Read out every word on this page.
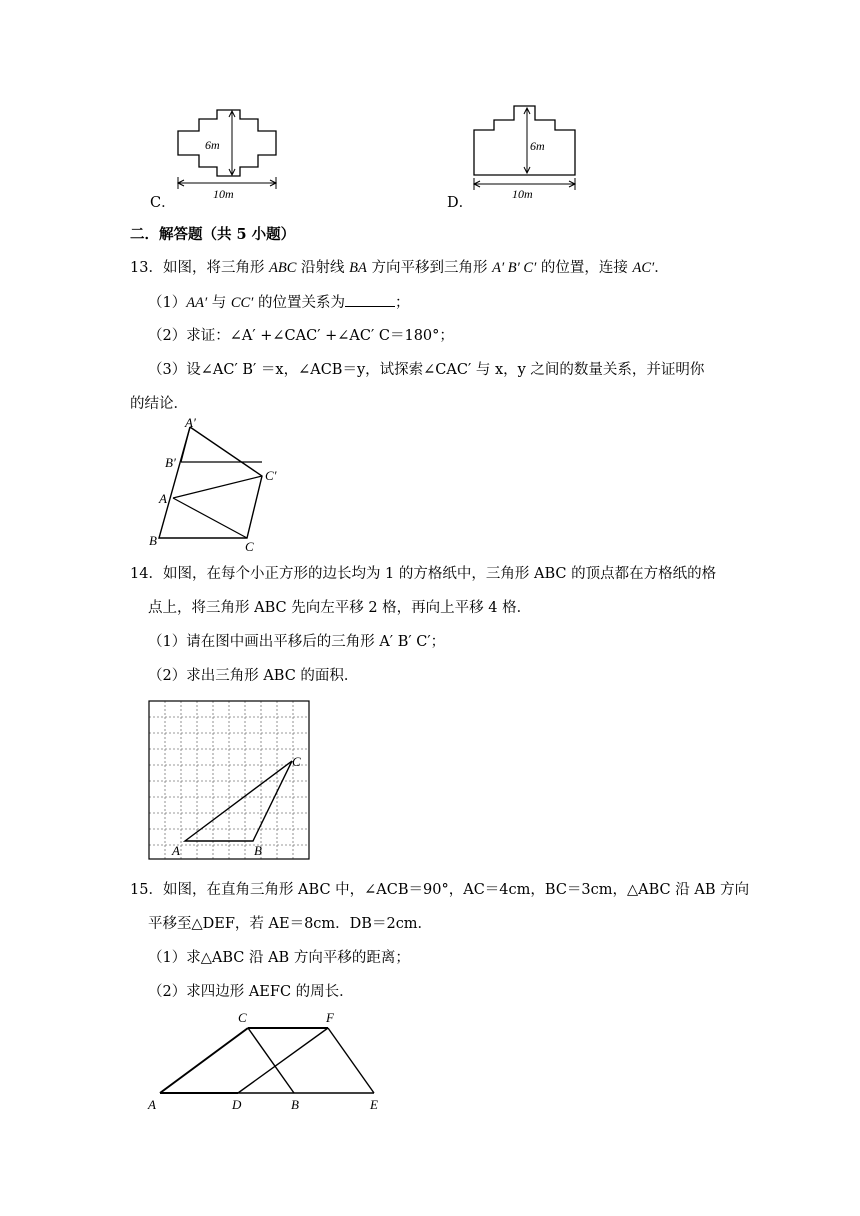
6m
10m
C．
6m
10m
D．
二．解答题（共 5 小题）
13．如图，将三角形 ABC 沿射线 BA 方向平移到三角形 A′ B′ C′ 的位置，连接 AC′．
（1）AA′ 与 CC′ 的位置关系为	；
（2）求证：∠A′ +∠CAC′ +∠AC′ C＝180°；
（3）设∠AC′ B′ ＝x，∠ACB＝y，试探索∠CAC′ 与 x，y 之间的数量关系，并证明你
的结论．
A′
B′
C′
A
B	C
14．如图，在每个小正方形的边长均为 1 的方格纸中，三角形 ABC 的顶点都在方格纸的格
点上，将三角形 ABC 先向左平移 2 格，再向上平移 4 格．
（1）请在图中画出平移后的三角形 A′ B′ C′；
（2）求出三角形 ABC 的面积．
A	B
C
15．如图，在直角三角形 ABC 中，∠ACB＝90°，AC＝4cm，BC＝3cm，△ABC 沿 AB 方向
平移至△DEF，若 AE＝8cm．DB＝2cm．
（1）求△ABC 沿 AB 方向平移的距离；
（2）求四边形 AEFC 的周长．
C	F
A	D	B	E
